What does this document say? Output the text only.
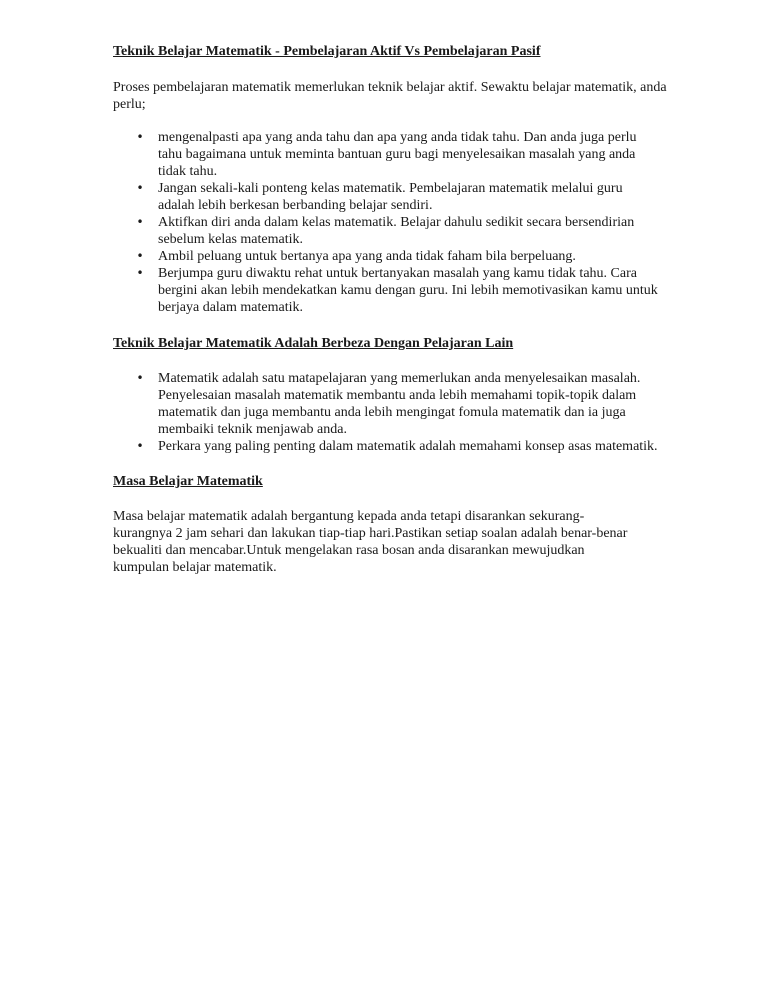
Teknik Belajar Matematik - Pembelajaran Aktif Vs Pembelajaran Pasif

Proses pembelajaran matematik memerlukan teknik belajar aktif. Sewaktu belajar matematik, anda perlu;

• mengenalpasti apa yang anda tahu dan apa yang anda tidak tahu. Dan anda juga perlu tahu bagaimana untuk meminta bantuan guru bagi menyelesaikan masalah yang anda tidak tahu.
• Jangan sekali-kali ponteng kelas matematik. Pembelajaran matematik melalui guru adalah lebih berkesan berbanding belajar sendiri.
• Aktifkan diri anda dalam kelas matematik. Belajar dahulu sedikit secara bersendirian sebelum kelas matematik.
• Ambil peluang untuk bertanya apa yang anda tidak faham bila berpeluang.
• Berjumpa guru diwaktu rehat untuk bertanyakan masalah yang kamu tidak tahu. Cara bergini akan lebih mendekatkan kamu dengan guru. Ini lebih memotivasikan kamu untuk berjaya dalam matematik.
Teknik Belajar Matematik Adalah Berbeza Dengan Pelajaran Lain
• Matematik adalah satu matapelajaran yang memerlukan anda menyelesaikan masalah. Penyelesaian masalah matematik membantu anda lebih memahami topik-topik dalam matematik dan juga membantu anda lebih mengingat fomula matematik dan ia juga membaiki teknik menjawab anda.
• Perkara yang paling penting dalam matematik adalah memahami konsep asas matematik.
Masa Belajar Matematik

Masa belajar matematik adalah bergantung kepada anda tetapi disarankan sekurang-kurangnya 2 jam sehari dan lakukan tiap-tiap hari.Pastikan setiap soalan adalah benar-benar bekualiti dan mencabar.Untuk mengelakan rasa bosan anda disarankan mewujudkan kumpulan belajar matematik.
